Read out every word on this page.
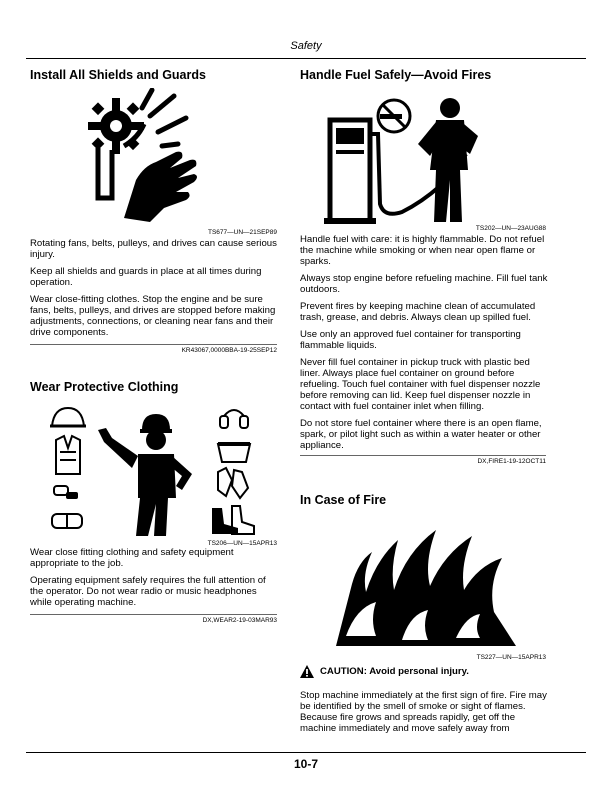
Safety
Install All Shields and Guards
TS677—UN—21SEP89
Rotating fans, belts, pulleys, and drives can cause serious injury.
Keep all shields and guards in place at all times during operation.
Wear close-fitting clothes. Stop the engine and be sure fans, belts, pulleys, and drives are stopped before making adjustments, connections, or cleaning near fans and their drive components.
KR43067,0000BBA-19-25SEP12
Wear Protective Clothing
TS206—UN—15APR13
Wear close fitting clothing and safety equipment appropriate to the job.
Operating equipment safely requires the full attention of the operator. Do not wear radio or music headphones while operating machine.
DX,WEAR2-19-03MAR93
Handle Fuel Safely—Avoid Fires
TS202—UN—23AUG88
Handle fuel with care: it is highly flammable. Do not refuel the machine while smoking or when near open flame or sparks.
Always stop engine before refueling machine. Fill fuel tank outdoors.
Prevent fires by keeping machine clean of accumulated trash, grease, and debris. Always clean up spilled fuel.
Use only an approved fuel container for transporting flammable liquids.
Never fill fuel container in pickup truck with plastic bed liner. Always place fuel container on ground before refueling. Touch fuel container with fuel dispenser nozzle before removing can lid. Keep fuel dispenser nozzle in contact with fuel container inlet when filling.
Do not store fuel container where there is an open flame, spark, or pilot light such as within a water heater or other appliance.
DX,FIRE1-19-12OCT11
In Case of Fire
TS227—UN—15APR13
CAUTION: Avoid personal injury.
Stop machine immediately at the first sign of fire. Fire may be identified by the smell of smoke or sight of flames. Because fire grows and spreads rapidly, get off the machine immediately and move safely away from
10-7
